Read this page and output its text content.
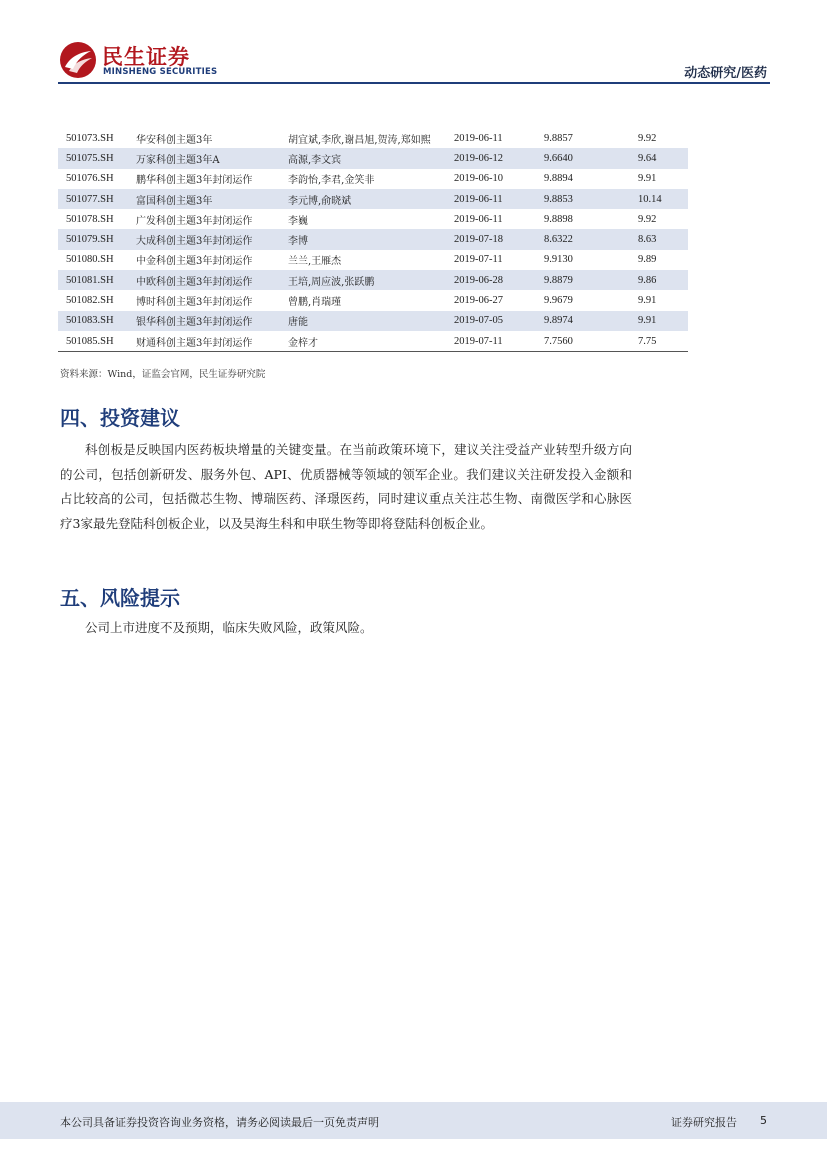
民生证券
MINSHENG SECURITIES	动态研究/医药
501073.SH	华安科创主题3年	胡宜斌,李欣,谢昌旭,贺涛,郑如熙	2019-06-11	9.8857	9.92
501075.SH	万家科创主题3年A	高源,李文宾	2019-06-12	9.6640	9.64
501076.SH	鹏华科创主题3年封闭运作	李韵怡,李君,金笑非	2019-06-10	9.8894	9.91
501077.SH	富国科创主题3年	李元博,俞晓斌	2019-06-11	9.8853	10.14
501078.SH	广发科创主题3年封闭运作	李巍	2019-06-11	9.8898	9.92
501079.SH	大成科创主题3年封闭运作	李博	2019-07-18	8.6322	8.63
501080.SH	中金科创主题3年封闭运作	兰兰,王雁杰	2019-07-11	9.9130	9.89
501081.SH	中欧科创主题3年封闭运作	王培,周应波,张跃鹏	2019-06-28	9.8879	9.86
501082.SH	博时科创主题3年封闭运作	曾鹏,肖瑞瑾	2019-06-27	9.9679	9.91
501083.SH	银华科创主题3年封闭运作	唐能	2019-07-05	9.8974	9.91
501085.SH	财通科创主题3年封闭运作	金梓才	2019-07-11	7.7560	7.75
资料来源：Wind，证监会官网，民生证券研究院
四、投资建议

科创板是反映国内医药板块增量的关键变量。在当前政策环境下，建议关注受益产业转型升级方向的公司，包括创新研发、服务外包、API、优质器械等领域的领军企业。我们建议关注研发投入金额和占比较高的公司，包括微芯生物、博瑞医药、泽璟医药，同时建议重点关注芯生物、南微医学和心脉医疗3家最先登陆科创板企业，以及昊海生科和申联生物等即将登陆科创板企业。

五、风险提示

公司上市进度不及预期，临床失败风险，政策风险。

本公司具备证券投资咨询业务资格，请务必阅读最后一页免责声明	证券研究报告 5
